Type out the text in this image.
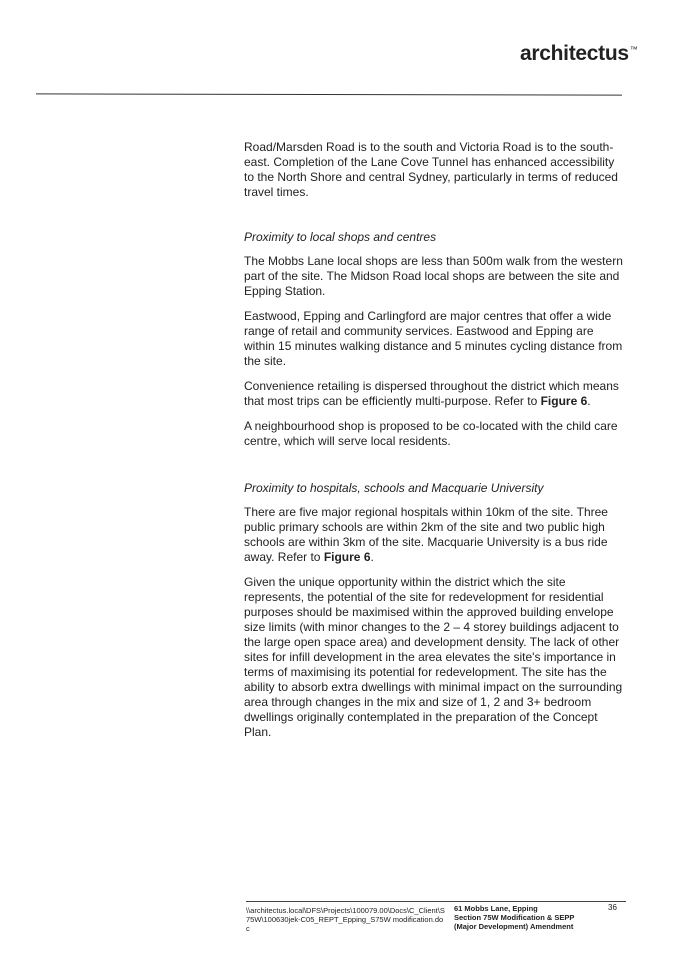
architectus™

Road/Marsden Road is to the south and Victoria Road is to the south-east. Completion of the Lane Cove Tunnel has enhanced accessibility to the North Shore and central Sydney, particularly in terms of reduced travel times.

Proximity to local shops and centres

The Mobbs Lane local shops are less than 500m walk from the western part of the site. The Midson Road local shops are between the site and Epping Station.

Eastwood, Epping and Carlingford are major centres that offer a wide range of retail and community services. Eastwood and Epping are within 15 minutes walking distance and 5 minutes cycling distance from the site.

Convenience retailing is dispersed throughout the district which means that most trips can be efficiently multi-purpose. Refer to Figure 6.

A neighbourhood shop is proposed to be co-located with the child care centre, which will serve local residents.

Proximity to hospitals, schools and Macquarie University

There are five major regional hospitals within 10km of the site. Three public primary schools are within 2km of the site and two public high schools are within 3km of the site. Macquarie University is a bus ride away. Refer to Figure 6.

Given the unique opportunity within the district which the site represents, the potential of the site for redevelopment for residential purposes should be maximised within the approved building envelope size limits (with minor changes to the 2 – 4 storey buildings adjacent to the large open space area) and development density. The lack of other sites for infill development in the area elevates the site's importance in terms of maximising its potential for redevelopment. The site has the ability to absorb extra dwellings with minimal impact on the surrounding area through changes in the mix and size of 1, 2 and 3+ bedroom dwellings originally contemplated in the preparation of the Concept Plan.

\\architectus.local\DFS\Projects\100079.00\Docs\C_Client\S75W\100630jek-C05_REPT_Epping_S75W modification.doc
61 Mobbs Lane, Epping
Section 75W Modification & SEPP
(Major Development) Amendment
36
